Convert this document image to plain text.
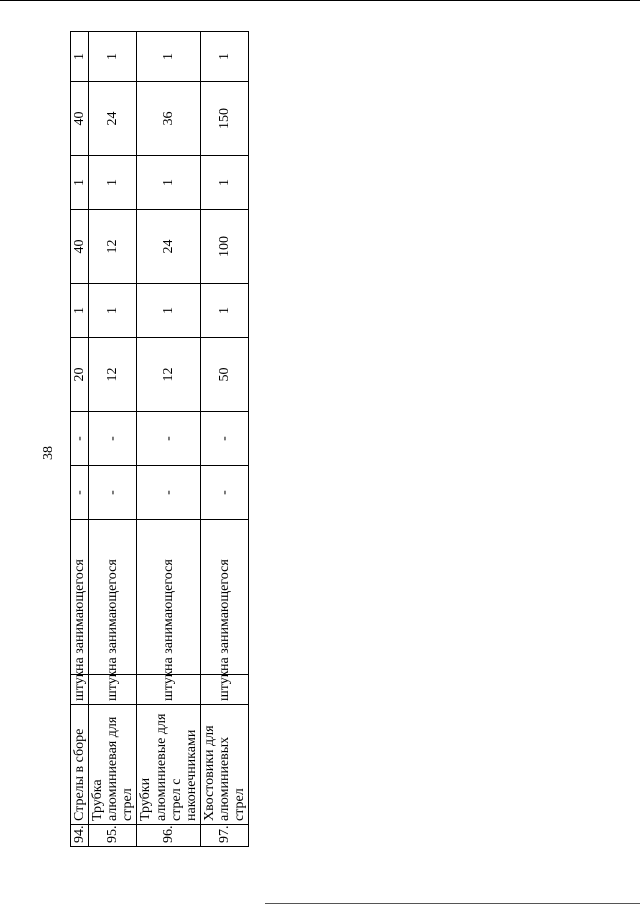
38
94.	Стрелы в сборе	штук	на занимающегося	-	-	20	1	40	1	40	1
95.	Трубка алюминиевая для стрел	штук	на занимающегося	-	-	12	1	12	1	24	1
96.	Трубки алюминиевые для стрел с наконечниками	штук	на занимающегося	-	-	12	1	24	1	36	1
97.	Хвостовики для алюминиевых стрел	штук	на занимающегося	-	-	50	1	100	1	150	1
